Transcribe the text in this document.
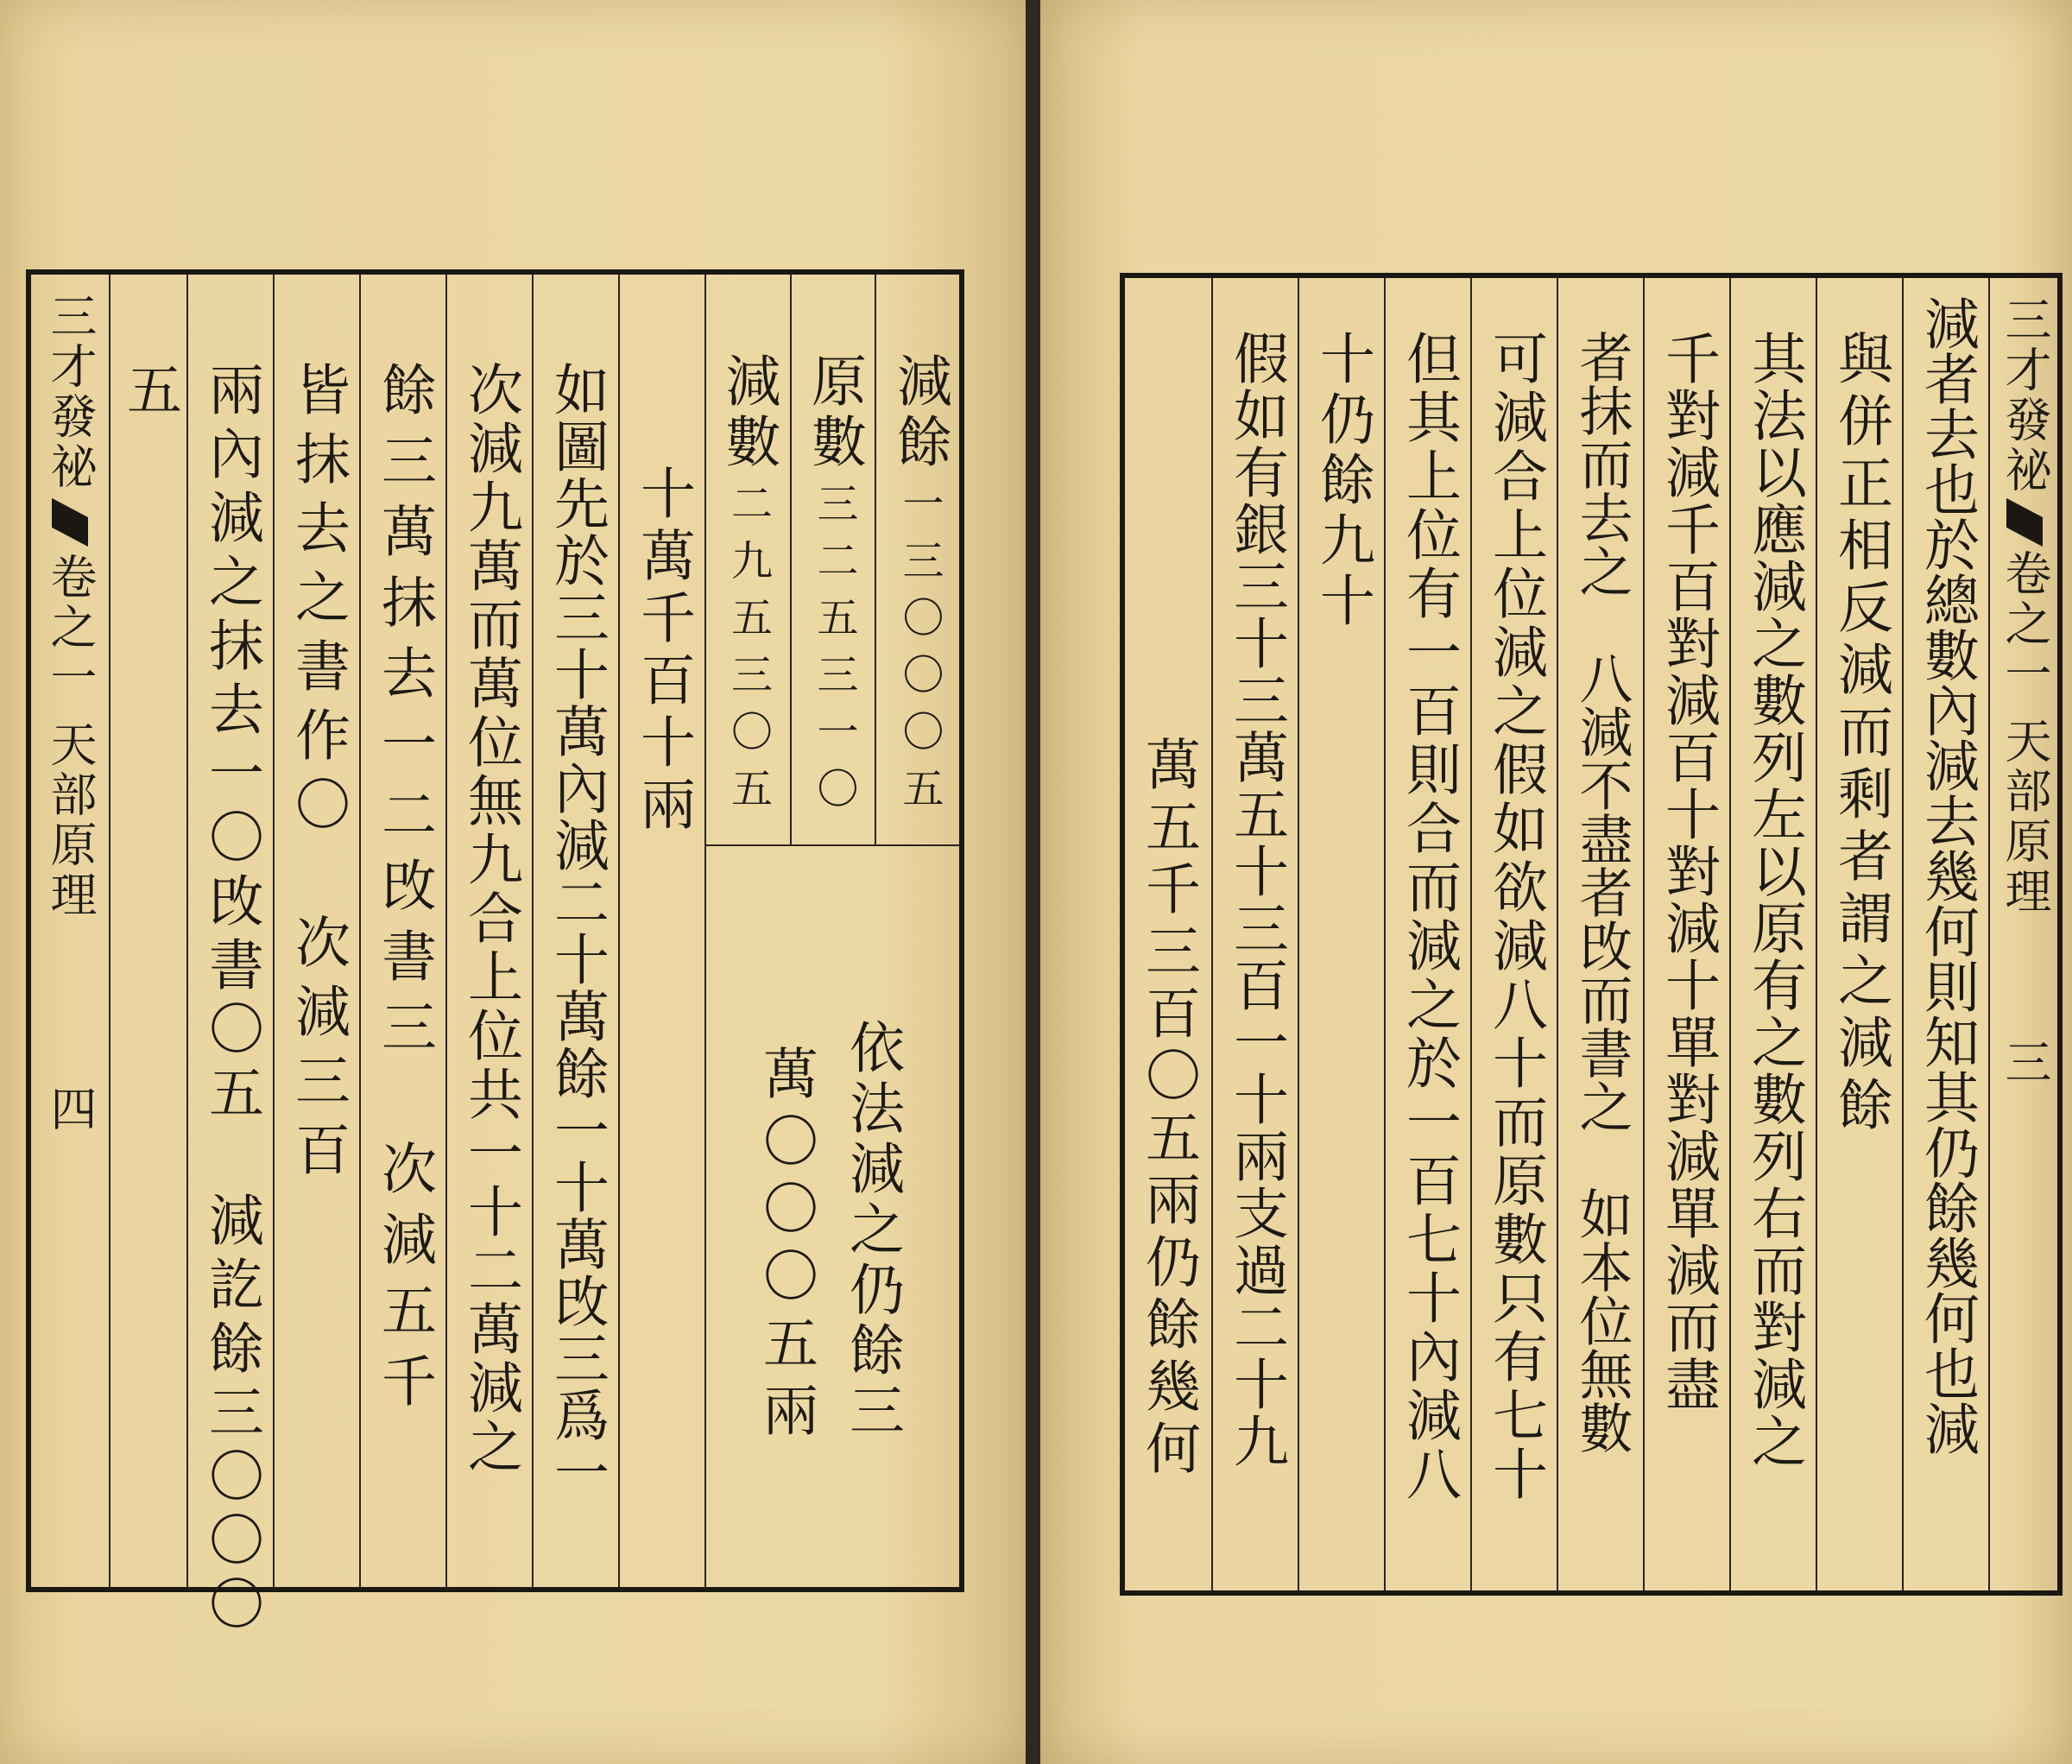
三才發祕
卷之一
天部原理
四
五 兩內減之抹去一〇攺書〇五　減訖餘三〇〇〇 皆抹去之書作〇　次減三百 餘三萬抹去一二攺書三　次減五千 次減九萬而萬位無九合上位共一十二萬減之 如圖先於三十萬內減二十萬餘一十萬攺三爲一 十萬千百十兩
減數
二九五三〇五
原數
三二五三一〇
減餘
一三〇〇〇五
萬〇〇〇五兩 依法減之仍餘三	萬五千三百〇五兩仍餘幾何 假如有銀三十三萬五十三百一十兩支過二十九 十仍餘九十 但其上位有一百則合而減之於一百七十內減八 可減合上位減之假如欲減八十而原數只有七十 者抹而去之　八減不盡者攺而書之　如本位無數 千對減千百對減百十對減十單對減單減而盡 其法以應減之數列左以原有之數列右而對減之 與併正相反減而剩者謂之減餘 減者去也於總數內減去幾何則知其仍餘幾何也減 三才發祕
卷之一
天部原理
三
